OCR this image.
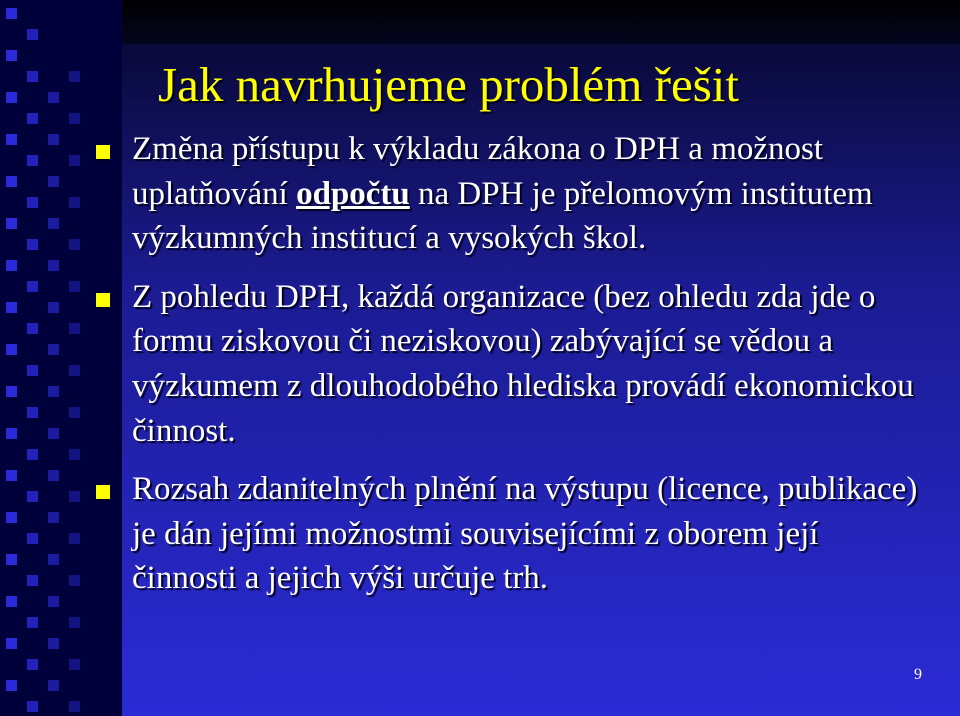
Jak navrhujeme problém řešit
Změna přístupu k výkladu zákona o DPH a možnost uplatňování odpočtu na DPH je přelomovým institutem výzkumných institucí a vysokých škol.
Z pohledu DPH, každá organizace (bez ohledu zda jde o formu ziskovou či neziskovou) zabývající se vědou a výzkumem z dlouhodobého hlediska provádí ekonomickou činnost.
Rozsah zdanitelných plnění na výstupu (licence, publikace) je dán jejími možnostmi souvisejícími z oborem její činnosti a jejich výši určuje trh.
9
